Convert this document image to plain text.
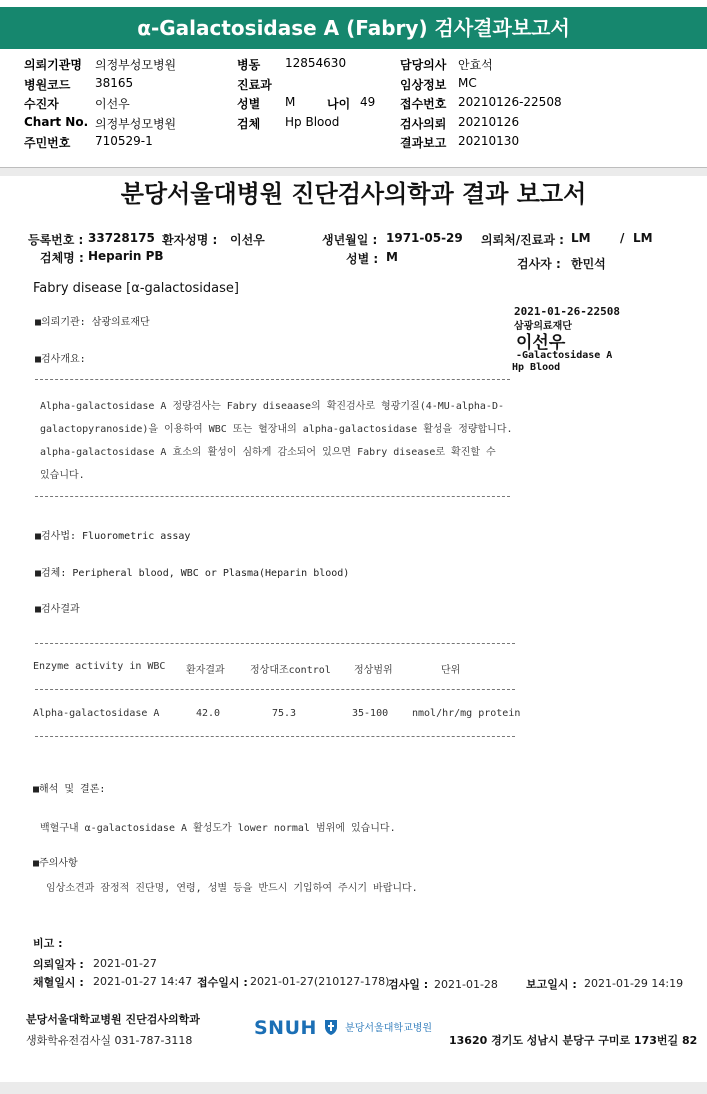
α-Galactosidase A (Fabry) 검사결과보고서
의뢰기관명 의정부성모병원
병원코드 38165
수진자	이선우
Chart No. 의정부성모병원
주민번호 710529-1
병동 12854630
진료과
성별 M	나이 49
검체 Hp Blood
담당의사 안효석
임상정보 MC
접수번호 20210126-22508
검사의뢰 20210126
결과보고 20210130
분당서울대병원 진단검사의학과 결과 보고서
등록번호 : 33728175 환자성명 : 이선우	생년월일 : 1971-05-29 의뢰처/진료과 : LM / LM
검체명 : Heparin PB	성별 : M	검사자 : 한민석
Fabry disease [α-galactosidase]
2021-01-26-22508
삼광의료재단
이선우
-Galactosidase A
Hp Blood
■의뢰기관: 삼광의료재단
■검사개요:
Alpha-galactosidase A 정량검사는 Fabry diseaase의 확진검사로 형광기질(4-MU-alpha-D-
galactopyranoside)을 이용하여 WBC 또는 혈장내의 alpha-galactosidase 활성을 정량합니다.
alpha-galactosidase A 효소의 활성이 심하게 감소되어 있으면 Fabry disease로 확진할 수
있습니다.
■검사법: Fluorometric assay
■검체: Peripheral blood, WBC or Plasma(Heparin blood)
■검사결과
Enzyme activity in WBC 환자결과	정상대조control 정상범위	단위
Alpha-galactosidase A	42.0	75.3	35-100 nmol/hr/mg protein
■해석 및 결론:
백혈구내 α-galactosidase A 활성도가 lower normal 범위에 있습니다.
■주의사항
임상소견과 잠정적 진단명, 연령, 성별 등을 반드시 기입하여 주시기 바랍니다.
비고 :
의뢰일자 : 2021-01-27
채혈일시 : 2021-01-27 14:47 접수일시 : 2021-01-27(210127-178)
검사일 : 2021-01-28	보고일시 : 2021-01-29 14:19
분당서울대학교병원 진단검사의학과
생화학유전검사실 031-787-3118
SNUH	분당서울대학교병원
13620 경기도 성남시 분당구 구미로 173번길 82
